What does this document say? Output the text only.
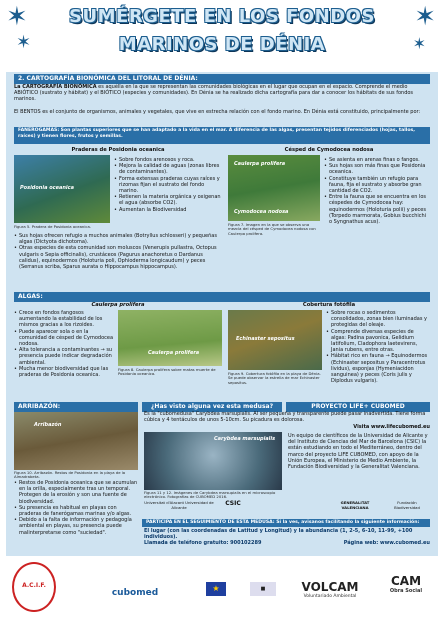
✶
✶
✶
✶
SUMÉRGETE EN LOS FONDOS
MARINOS DE DÉNIA
2. CARTOGRAFÍA BIONÓMICA DEL LITORAL DE DÉNIA:
La CARTOGRAFÍA BIONÓMICA es aquélla en la que se representan las comunidades biológicas en el lugar que ocupan en el espacio. Comprende el medio ABIÓTICO (sustrato y hábitat) y el BIÓTICO (especies y comunidades). En Dénia se ha realizado dicha cartografía para dar a conocer los hábitats de sus fondos marinos.
El BENTOS es el conjunto de organismos, animales y vegetales, que vive en estrecha relación con el fondo marino. En Dénia está constituido, principalmente por:
FANEROGAMAS: Son plantas superiores que se han adaptado a la vida en el mar. A diferencia de las algas, presentan tejidos diferenciados (hojas, tallos, raíces) y tienen flores, frutos y semillas.
Praderas de Posidonia oceanica
Posidonia oceanica
Figura 5. Pradera de Posidonia oceanica.
• Sobre fondos arenosos y roca.
• Mejora la calidad de aguas (zonas libres de contaminantes).
• Forma extensas praderas cuyas raíces y rizomas fijan el sustrato del fondo marino.
• Retienen la materia orgánica y oxigenan el agua (absorbe CO2).
• Aumentan la Biodiversidad
• Sus hojas ofrecen refugio a muchos animales (Botryllus schlosseri) y pequeñas algas (Dictyota dichotoma).
• Otras especies de esta comunidad son moluscos (Venerupis pullastra, Octopus vulgaris o Sepia officinalis), crustáceos (Pagurus anachoretus o Dardanus calidus), equinodermos (Holoturia poli, Ophioderma longicaudum) y peces (Serranus scriba, Sparus aurata o Hippocampus hippocampus).
Césped de Cymodocea nodosa
Caulerpa prolifera
Cymodocea nodosa
Figura 7. Imagen en la que se observa una mezcla del césped de Cymodocea nodosa con Caulerpa prolifera.
• Se asienta en arenas finas o fangos.
• Sus hojas son más finas que Posidonia oceanica.
• Constituye también un refugio para fauna, fija el sustrato y absorbe gran cantidad de CO2.
• Entre la fauna que se encuentra en los céspedes de Cymodocea hay: equinodermos (Holoturia polii) y peces (Torpedo marmorata, Gobius bucchichi o Syngnathus acus).
ALGAS:
Caulerpa prolifera
• Crece en fondos fangosos aumentando la estabilidad de los mismos gracias a los rizoides.
• Puede aparecer sola o en la comunidad de césped de Cymodocea nodosa.
• Alta tolerancia a contaminantes → su presencia puede indicar degradación ambiental.
• Mucha menor biodiversidad que las praderas de Posidonia oceanica.
Caulerpa prolifera
Figura 8. Caulerpa prolifera sobre matas muerte de Posidonia oceanica.
Cobertura fotófila
Echinaster sepositus
Figura 9. Cobertura fotófila en la playa de Dénia. Se puede observar la estrella de mar Echinaster sepositus.
• Sobre rocas o sedimentos consolidados, zonas bien iluminadas y protegidas del oleaje.
• Comprende diversas especies de algas: Padina pavonica, Gelidium latifolium, Cladophora laetevirens, Jania rubens, entre otras.
• Hábitat rico en fauna → Equinodermos (Echinaster sepositus y Paracentrotus lividus), esponjas (Hymeniacidon sanguinea) y peces (Coris julis y Diplodus vulgaris).
ARRIBAZÓN:
Arribazón
Figura 10. Arribazón. Restos de Posidonia en la playa de la Almadrabeta.
• Restos de Posidonia oceanica que se acumulan en la orilla, especialmente tras un temporal. Protegen de la erosión y son una fuente de biodiversidad.
• Su presencia es habitual en playas con praderas de fanerógamas marinas y/o algas.
• Debido a la falta de información y pedagogía ambiental en playas, su presencia puede malinterpretarse como "suciedad".
¿Has visto alguna vez esta medusa?	PROYECTO LIFE+ CUBOMED
Es la "cubomedusa" Carybdea marsupialis. Al ser pequeña y transparente puede pasar inadvertida. Tiene forma cúbica y 4 tentáculos de unos 5-10cm. Su picadura es dolorosa.
Visita www.lifecubomed.eu
Carybdea marsupialis
Figura 11 y 12. Imágenes de Carybdea marsupialis en el microscopio electrónico. Fotografías de CUBOMED 2016.
Un equipo de científicos de la Universidad de Alicante y del Instituto de Ciencias del Mar de Barcelona (CSIC) la están estudiando en todo el Mediterráneo, dentro del marco del proyecto LIFE CUBOMED, con apoyo de la Unión Europea, el Ministerio de Medio Ambiente, la Fundación Biodiversidad y la Generalitat Valenciana.
Universitat d'Alacant Universidad de Alicante
CSIC	GENERALITAT VALENCIANA
Fundación Biodiversidad
PARTICIPA EN EL SEGUIMIENTO DE ESTA MEDUSA: Si la ves, avisanos facilitando la siguiente información:
El lugar (con las coordenadas de Latitud y Longitud) y la abundancia (1, 2-5, 6-10, 11-99, +100 individuos).
Llamada de teléfono gratuito: 900102289	Página web: www.cubomed.eu
A.C.I.F.
cubomed	★	■	VOLCAM
Voluntariado Ambiental
CAM
Obra Social
